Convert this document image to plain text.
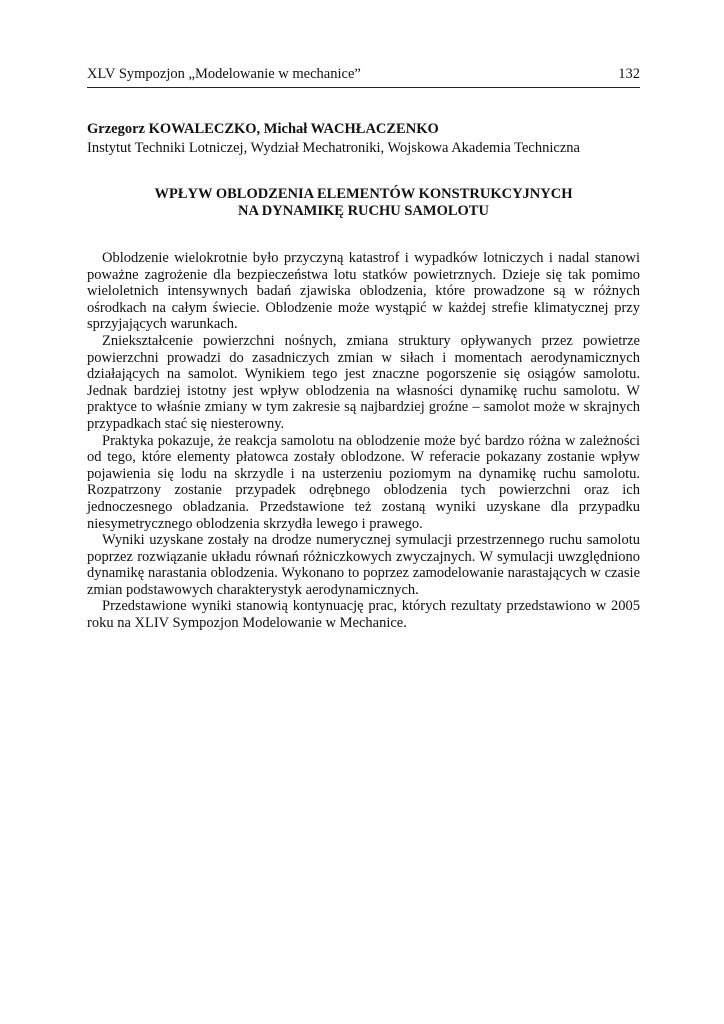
XLV Sympozjon „Modelowanie w mechanice”	132
Grzegorz KOWALECZKO, Michał WACHŁACZENKO
Instytut Techniki Lotniczej, Wydział Mechatroniki, Wojskowa Akademia Techniczna
WPŁYW OBLODZENIA ELEMENTÓW KONSTRUKCYJNYCH
NA DYNAMIKĘ RUCHU SAMOLOTU

Oblodzenie wielokrotnie było przyczyną katastrof i wypadków lotniczych i nadal stanowi poważne zagrożenie dla bezpieczeństwa lotu statków powietrznych. Dzieje się tak pomimo wieloletnich intensywnych badań zjawiska oblodzenia, które prowadzone są w różnych ośrodkach na całym świecie. Oblodzenie może wystąpić w każdej strefie klimatycznej przy sprzyjających warunkach.

Zniekształcenie powierzchni nośnych, zmiana struktury opływanych przez powietrze powierzchni prowadzi do zasadniczych zmian w siłach i momentach aerodynamicznych działających na samolot. Wynikiem tego jest znaczne pogorszenie się osiągów samolotu. Jednak bardziej istotny jest wpływ oblodzenia na własności dynamikę ruchu samolotu. W praktyce to właśnie zmiany w tym zakresie są najbardziej groźne – samolot może w skrajnych przypadkach stać się niesterowny.

Praktyka pokazuje, że reakcja samolotu na oblodzenie może być bardzo różna w zależności od tego, które elementy płatowca zostały oblodzone. W referacie pokazany zostanie wpływ pojawienia się lodu na skrzydle i na usterzeniu poziomym na dynamikę ruchu samolotu. Rozpatrzony zostanie przypadek odrębnego oblodzenia tych powierzchni oraz ich jednoczesnego obladzania. Przedstawione też zostaną wyniki uzyskane dla przypadku niesymetrycznego oblodzenia skrzydła lewego i prawego.

Wyniki uzyskane zostały na drodze numerycznej symulacji przestrzennego ruchu samolotu poprzez rozwiązanie układu równań różniczkowych zwyczajnych. W symulacji uwzględniono dynamikę narastania oblodzenia. Wykonano to poprzez zamodelowanie narastających w czasie zmian podstawowych charakterystyk aerodynamicznych.

Przedstawione wyniki stanowią kontynuację prac, których rezultaty przedstawiono w 2005 roku na XLIV Sympozjon Modelowanie w Mechanice.
